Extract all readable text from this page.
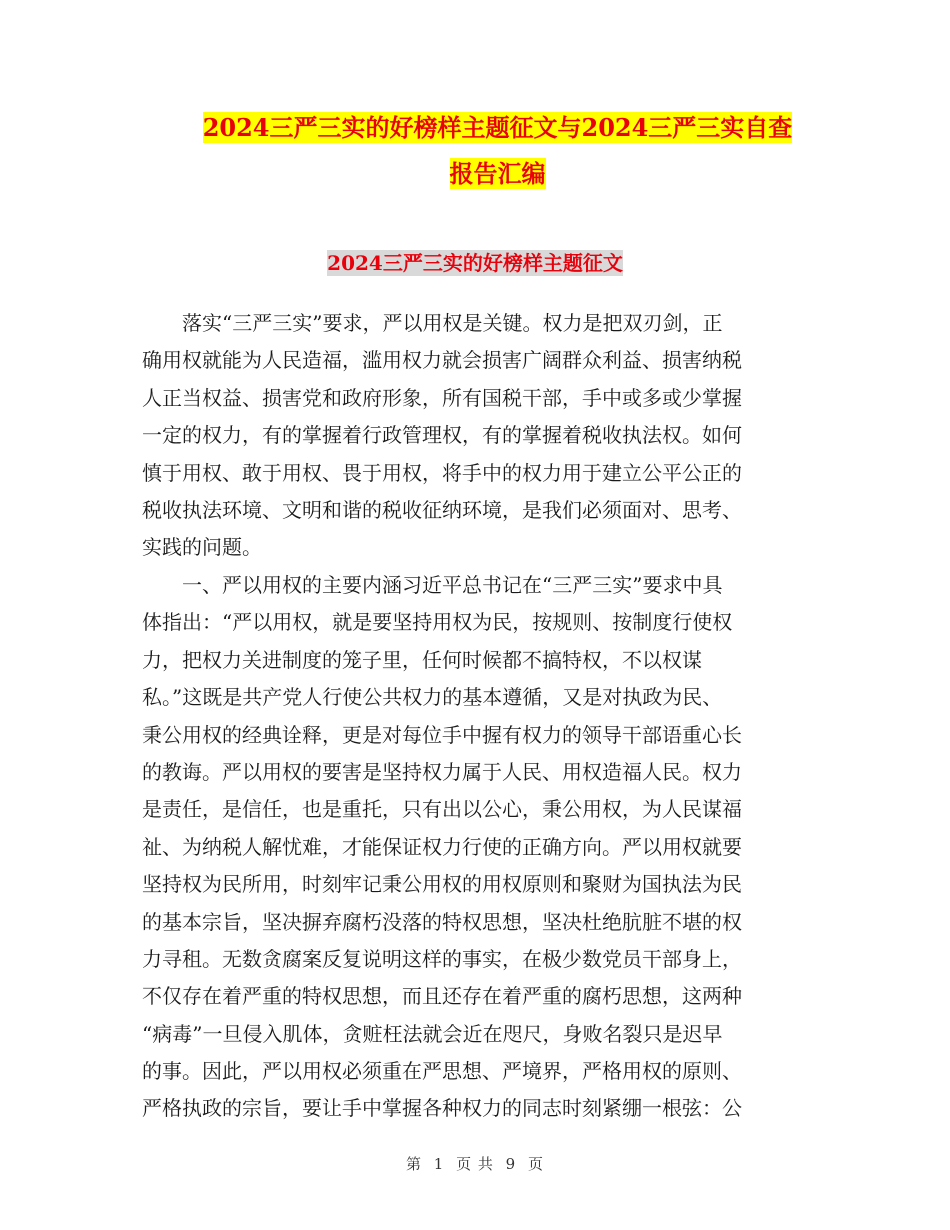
2024三严三实的好榜样主题征文与2024三严三实自查
报告汇编
2024三严三实的好榜样主题征文
　　落实“三严三实”要求，严以用权是关键。权力是把双刃剑，正
确用权就能为人民造福，滥用权力就会损害广阔群众利益、损害纳税
人正当权益、损害党和政府形象，所有国税干部，手中或多或少掌握
一定的权力，有的掌握着行政管理权，有的掌握着税收执法权。如何
慎于用权、敢于用权、畏于用权，将手中的权力用于建立公平公正的
税收执法环境、文明和谐的税收征纳环境，是我们必须面对、思考、
实践的问题。
　　一、严以用权的主要内涵习近平总书记在“三严三实”要求中具
体指出：“严以用权，就是要坚持用权为民，按规则、按制度行使权
力，把权力关进制度的笼子里，任何时候都不搞特权，不以权谋
私。”这既是共产党人行使公共权力的基本遵循，又是对执政为民、
秉公用权的经典诠释，更是对每位手中握有权力的领导干部语重心长
的教诲。严以用权的要害是坚持权力属于人民、用权造福人民。权力
是责任，是信任，也是重托，只有出以公心，秉公用权，为人民谋福
祉、为纳税人解忧难，才能保证权力行使的正确方向。严以用权就要
坚持权为民所用，时刻牢记秉公用权的用权原则和聚财为国执法为民
的基本宗旨，坚决摒弃腐朽没落的特权思想，坚决杜绝肮脏不堪的权
力寻租。无数贪腐案反复说明这样的事实，在极少数党员干部身上，
不仅存在着严重的特权思想，而且还存在着严重的腐朽思想，这两种
“病毒”一旦侵入肌体，贪赃枉法就会近在咫尺，身败名裂只是迟早
的事。因此，严以用权必须重在严思想、严境界，严格用权的原则、
严格执政的宗旨，要让手中掌握各种权力的同志时刻紧绷一根弦：公
第 1 页 共 9 页
